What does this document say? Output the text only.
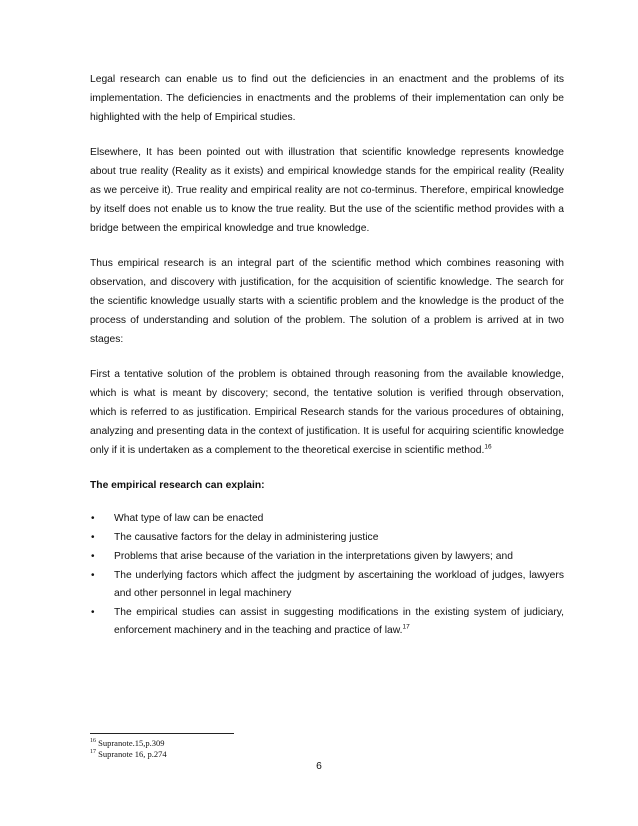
Legal research can enable us to find out the deficiencies in an enactment and the problems of its implementation. The deficiencies in enactments and the problems of their implementation can only be highlighted with the help of Empirical studies.

Elsewhere, It has been pointed out with illustration that scientific knowledge represents knowledge about true reality (Reality as it exists) and empirical knowledge stands for the empirical reality (Reality as we perceive it). True reality and empirical reality are not co-terminus. Therefore, empirical knowledge by itself does not enable us to know the true reality. But the use of the scientific method provides with a bridge between the empirical knowledge and true knowledge.

Thus empirical research is an integral part of the scientific method which combines reasoning with observation, and discovery with justification, for the acquisition of scientific knowledge. The search for the scientific knowledge usually starts with a scientific problem and the knowledge is the product of the process of understanding and solution of the problem. The solution of a problem is arrived at in two stages:

First a tentative solution of the problem is obtained through reasoning from the available knowledge, which is what is meant by discovery; second, the tentative solution is verified through observation, which is referred to as justification. Empirical Research stands for the various procedures of obtaining, analyzing and presenting data in the context of justification. It is useful for acquiring scientific knowledge only if it is undertaken as a complement to the theoretical exercise in scientific method.$^{16}$

The empirical research can explain:

• What type of law can be enacted
• The causative factors for the delay in administering justice
• Problems that arise because of the variation in the interpretations given by lawyers; and
• The underlying factors which affect the judgment by ascertaining the workload of judges, lawyers and other personnel in legal machinery
• The empirical studies can assist in suggesting modifications in the existing system of judiciary, enforcement machinery and in the teaching and practice of law.$^{17}$

$^{16}$ Supranote.15,p.309

$^{17}$ Supranote 16, p.274

6
